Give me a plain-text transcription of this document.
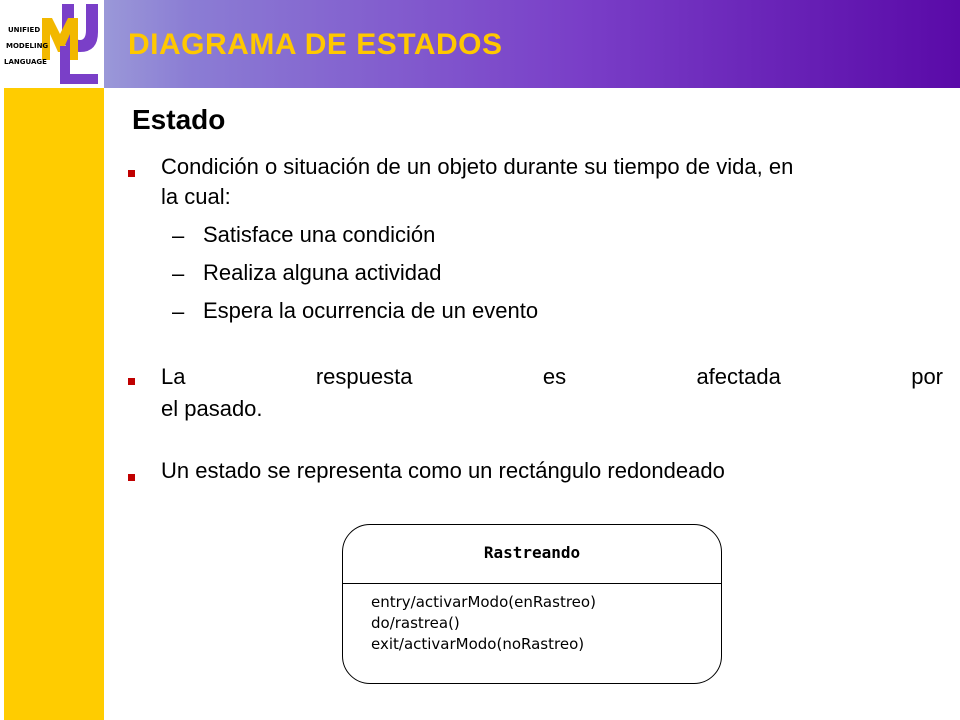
DIAGRAMA DE ESTADOS
UNIFIED
MODELING
LANGUAGE
Estado
Condición o situación de un objeto durante su tiempo de vida, en
la cual:
– Satisface una condición
– Realiza alguna actividad
– Espera la ocurrencia de un evento
La	respuesta	es	afectada	por
el pasado.
Un estado se representa como un rectángulo redondeado
Rastreando
entry/activarModo(enRastreo)
do/rastrea()
exit/activarModo(noRastreo)
